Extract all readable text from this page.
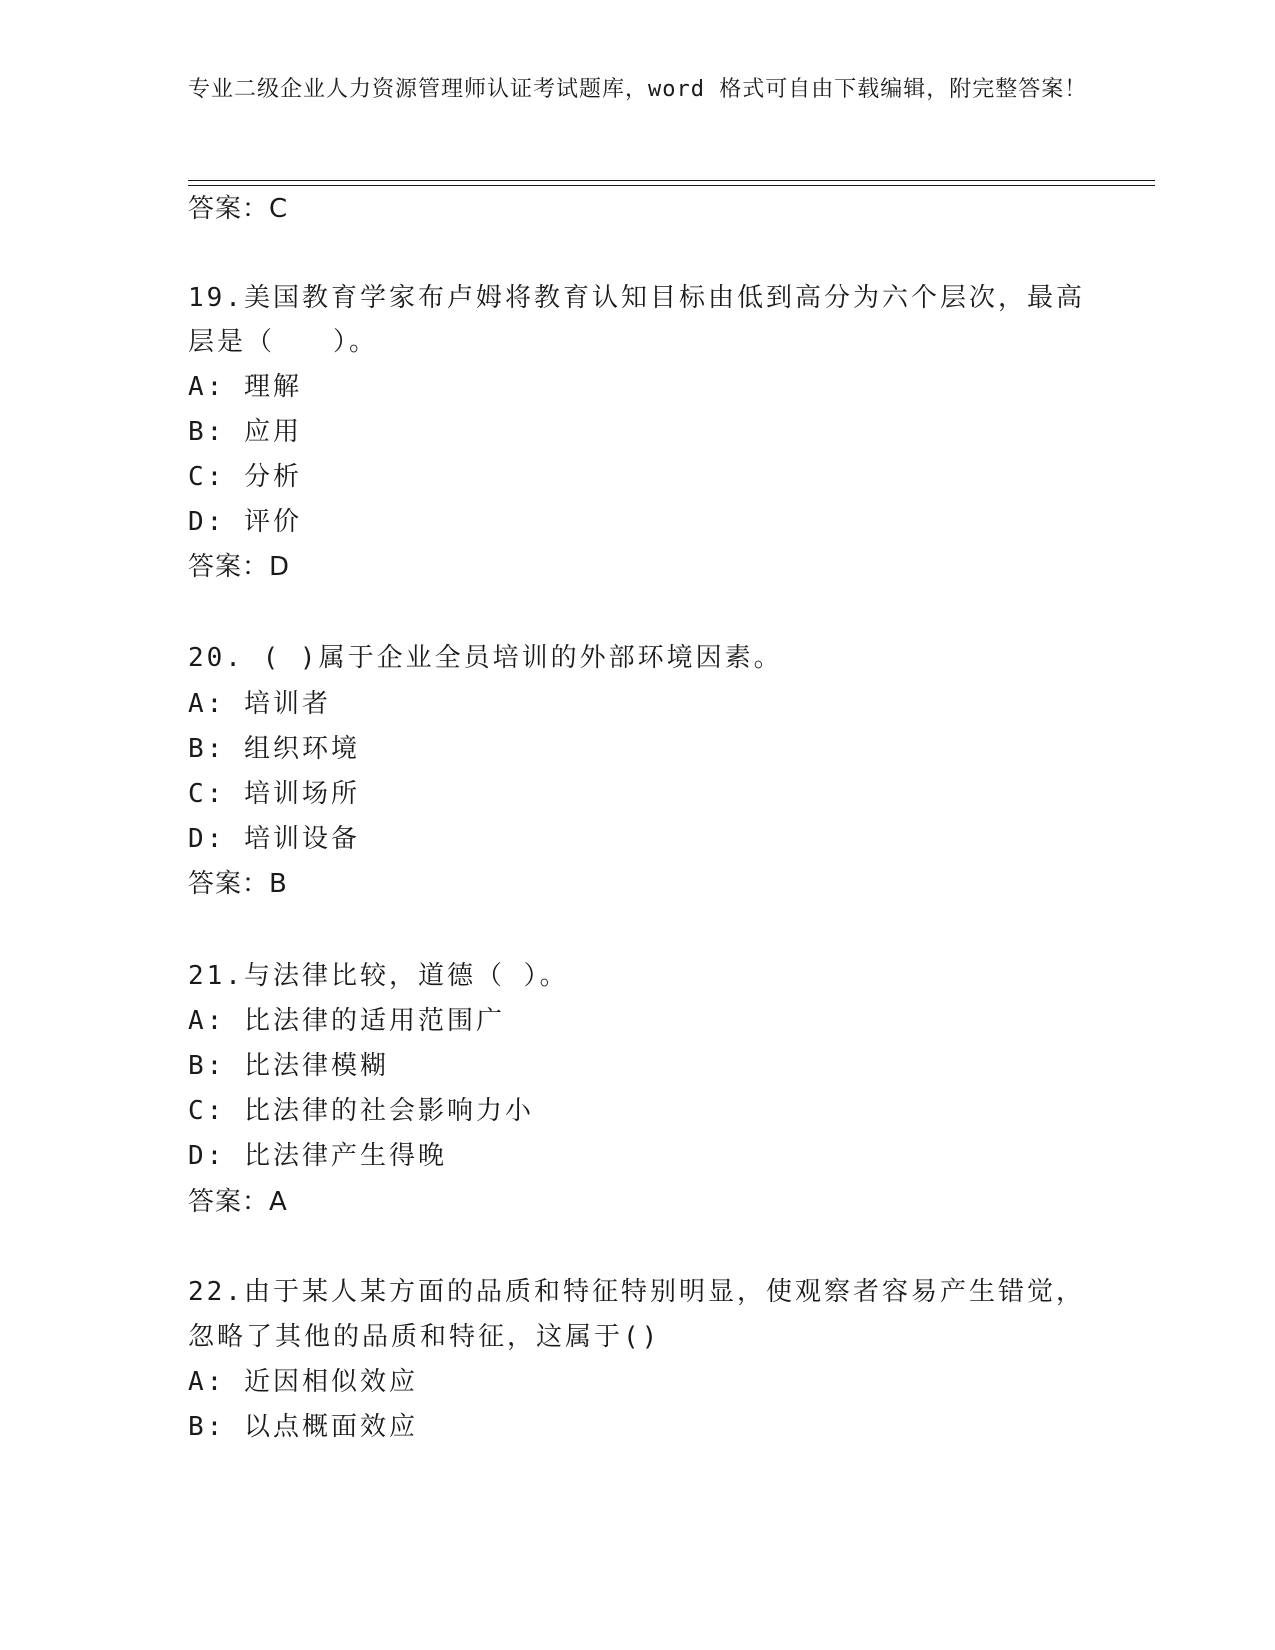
专业二级企业人力资源管理师认证考试题库，word 格式可自由下载编辑，附完整答案！

答案：C

19.美国教育学家布卢姆将教育认知目标由低到高分为六个层次，最高

层是（　　）。

A: 理解

B: 应用

C: 分析

D: 评价

答案：D

20. ( )属于企业全员培训的外部环境因素。

A: 培训者

B: 组织环境

C: 培训场所

D: 培训设备

答案：B

21.与法律比较，道德（ ）。

A: 比法律的适用范围广

B: 比法律模糊

C: 比法律的社会影响力小

D: 比法律产生得晚

答案：A

22.由于某人某方面的品质和特征特别明显，使观察者容易产生错觉，

忽略了其他的品质和特征，这属于()

A: 近因相似效应

B: 以点概面效应
